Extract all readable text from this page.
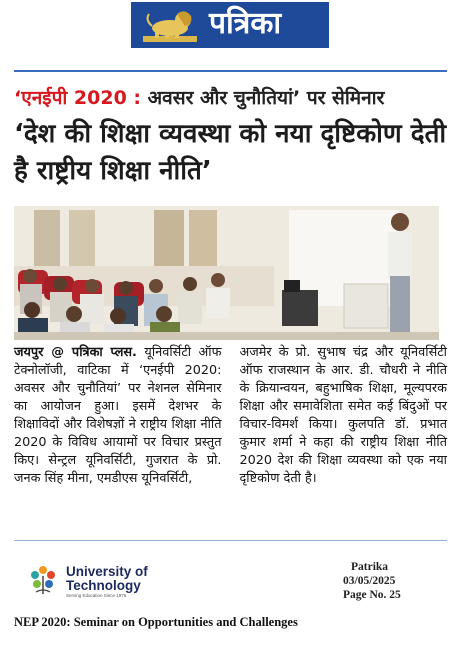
पत्रिका
‘एनईपी 2020 : अवसर और चुनौतियां’ पर सेमिनार
‘देश की शिक्षा व्यवस्था को नया दृष्टिकोण देती है राष्ट्रीय शिक्षा नीति’
जयपुर @ पत्रिका प्लस. यूनिवर्सिटी ऑफ टेक्नोलॉजी, वाटिका में ‘एनईपी 2020: अवसर और चुनौतियां’ पर नेशनल सेमिनार का आयोजन हुआ। इसमें देशभर के शिक्षाविदों और विशेषज्ञों ने राष्ट्रीय शिक्षा नीति 2020 के विविध आयामों पर विचार प्रस्तुत किए। सेन्ट्रल यूनिवर्सिटी, गुजरात के प्रो. जनक सिंह मीना, एमडीएस यूनिवर्सिटी,
अजमेर के प्रो. सुभाष चंद्र और यूनिवर्सिटी ऑफ राजस्थान के आर. डी. चौधरी ने नीति के क्रियान्वयन, बहुभाषिक शिक्षा, मूल्यपरक शिक्षा और समावेशिता समेत कई बिंदुओं पर विचार-विमर्श किया। कुलपति डॉ. प्रभात कुमार शर्मा ने कहा की राष्ट्रीय शिक्षा नीति 2020 देश की शिक्षा व्यवस्था को एक नया दृष्टिकोण देती है।
University of
Technology
Serving Education Since 1976
Patrika
03/05/2025
Page No. 25
NEP 2020: Seminar on Opportunities and Challenges
